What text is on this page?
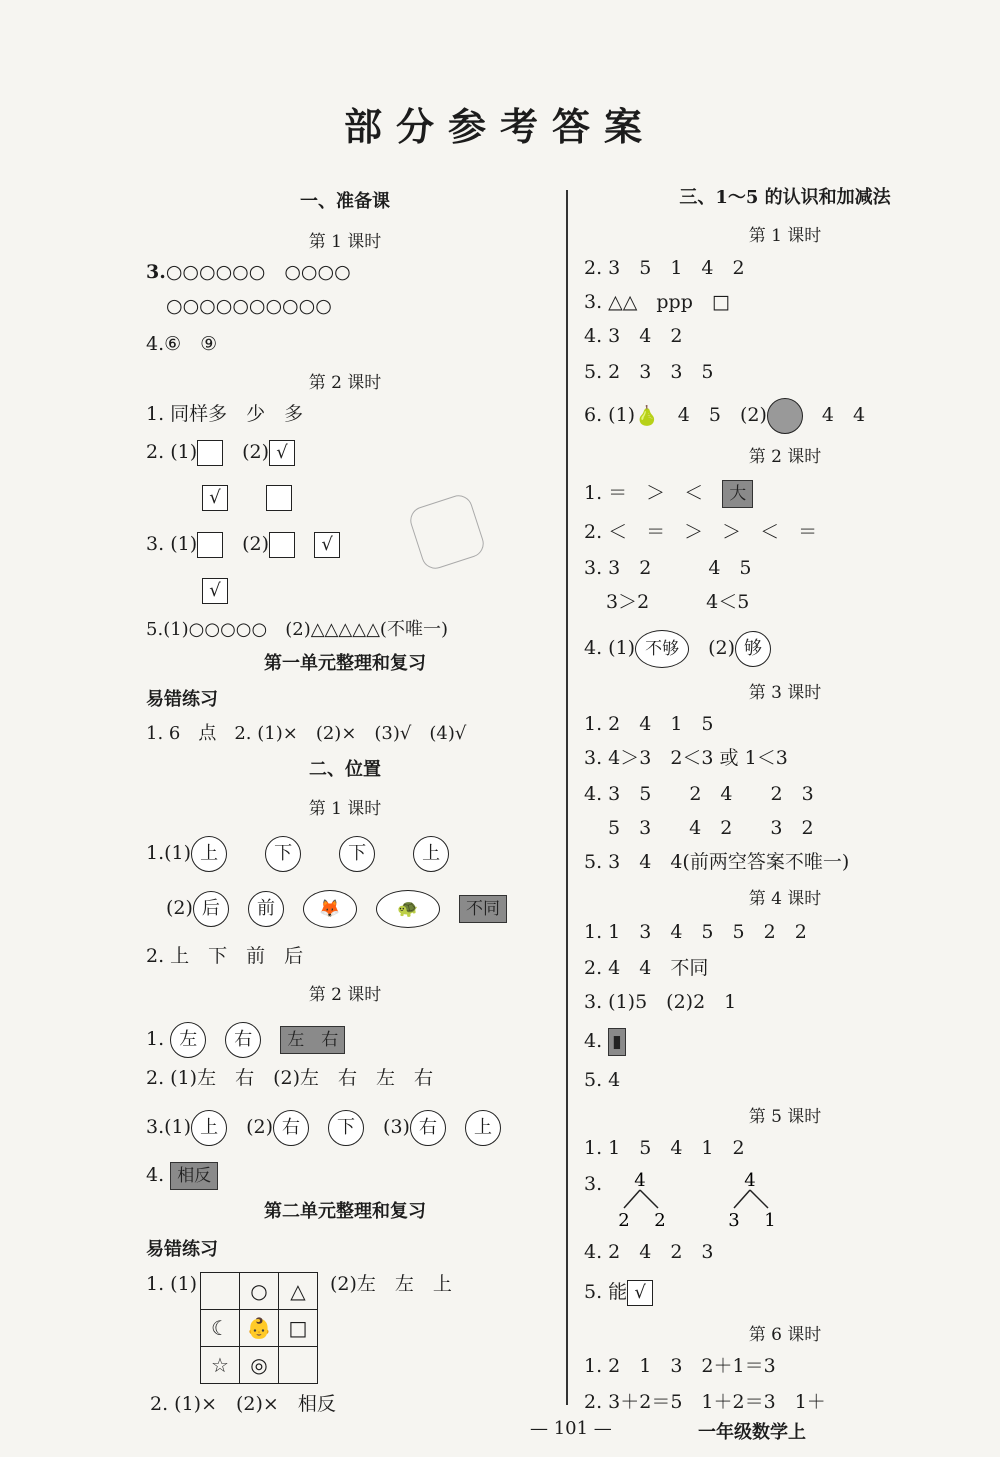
部分参考答案
一、准备课
第 1 课时
3.○○○○○○　 ○○○○
○○○○○○○○○○
4.⑥　⑨
第 2 课时
1. 同样多　少　多
2. (1)　 (2) √
√　　
3. (1)　 (2)　	√
√
5.(1)○○○○○　 (2)△△△△△(不唯一)
第一单元整理和复习
易错练习
1. 6　点　2. (1)×　(2)×　(3)√　(4)√
二、位置
第 1 课时
1.(1) 上　　	下　　	下　　	上
(2) 后　 前　	🦊　	🐢　	不同
2. 上　下　前　后
第 2 课时
1. 左　 右　 左　 右
2. (1)左　右　(2)左　右　左　右
3.(1) 上　 (2) 右　 下　 (3) 右　 上
4. 相反
第二单元整理和复习
易错练习
1. (1)	(2)左　左　上
	○	△
☾	👶	□
☆	◎	
2. (1)×　(2)×　相反
三、1～5 的认识和加减法
第 1 课时
2. 3　5　1　4　2
3. △△　ppp　□
4. 3　4　2
5. 2　3　3　5
6. (1)🍐　 4　5　(2)　	4　4
第 2 课时
1. ＝　＞　＜　 大
2. ＜　＝　＞　＞　＜　＝
3. 3　2　　　4　5
3＞2　　　4＜5
4. (1) 不够　 (2) 够
第 3 课时
1. 2　4　1　5
3. 4＞3　2＜3 或 1＜3
4. 3　5　　2　4　　2　3
5　3　　4　2　　3　2
5. 3　4　4(前两空答案不唯一)
第 4 课时
1. 1　3　4　5　5　2　2
2. 4　4　不同
3. (1)5　(2)2　1
4. ▮
5. 4
第 5 课时
1. 1　5　4　1　2
3. 4
2 2
4
3 1
4. 2　4　2　3
5. 能 √
第 6 课时
1. 2　1　3　2＋1＝3
2. 3＋2＝5　1＋2＝3　1＋
— 101 —	一年级数学上
